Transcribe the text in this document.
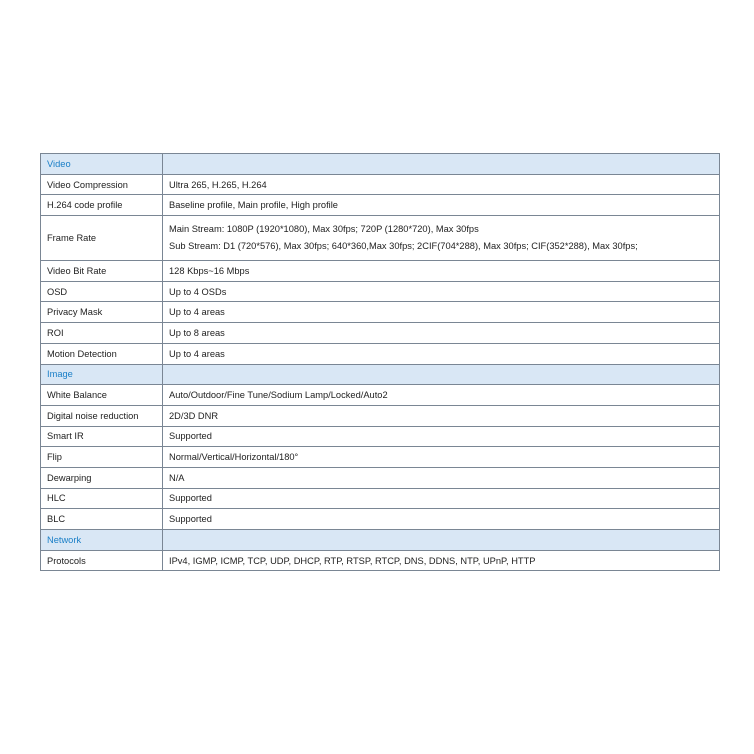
Video	
Video Compression	Ultra 265, H.265, H.264

H.264 code profile	Baseline profile, Main profile, High profile

Frame Rate	Main Stream: 1080P (1920*1080), Max 30fps; 720P (1280*720), Max 30fps
Sub Stream: D1 (720*576), Max 30fps; 640*360,Max 30fps; 2CIF(704*288), Max 30fps; CIF(352*288), Max 30fps;

Video Bit Rate	128 Kbps~16 Mbps

OSD	Up to 4 OSDs

Privacy Mask	Up to 4 areas

ROI	Up to 8 areas

Motion Detection	Up to 4 areas

Image	
White Balance	Auto/Outdoor/Fine Tune/Sodium Lamp/Locked/Auto2

Digital noise reduction	2D/3D DNR

Smart IR	Supported

Flip	Normal/Vertical/Horizontal/180°

Dewarping	N/A

HLC	Supported

BLC	Supported

Network	
Protocols	IPv4, IGMP, ICMP, TCP, UDP, DHCP, RTP, RTSP, RTCP, DNS, DDNS, NTP, UPnP, HTTP
